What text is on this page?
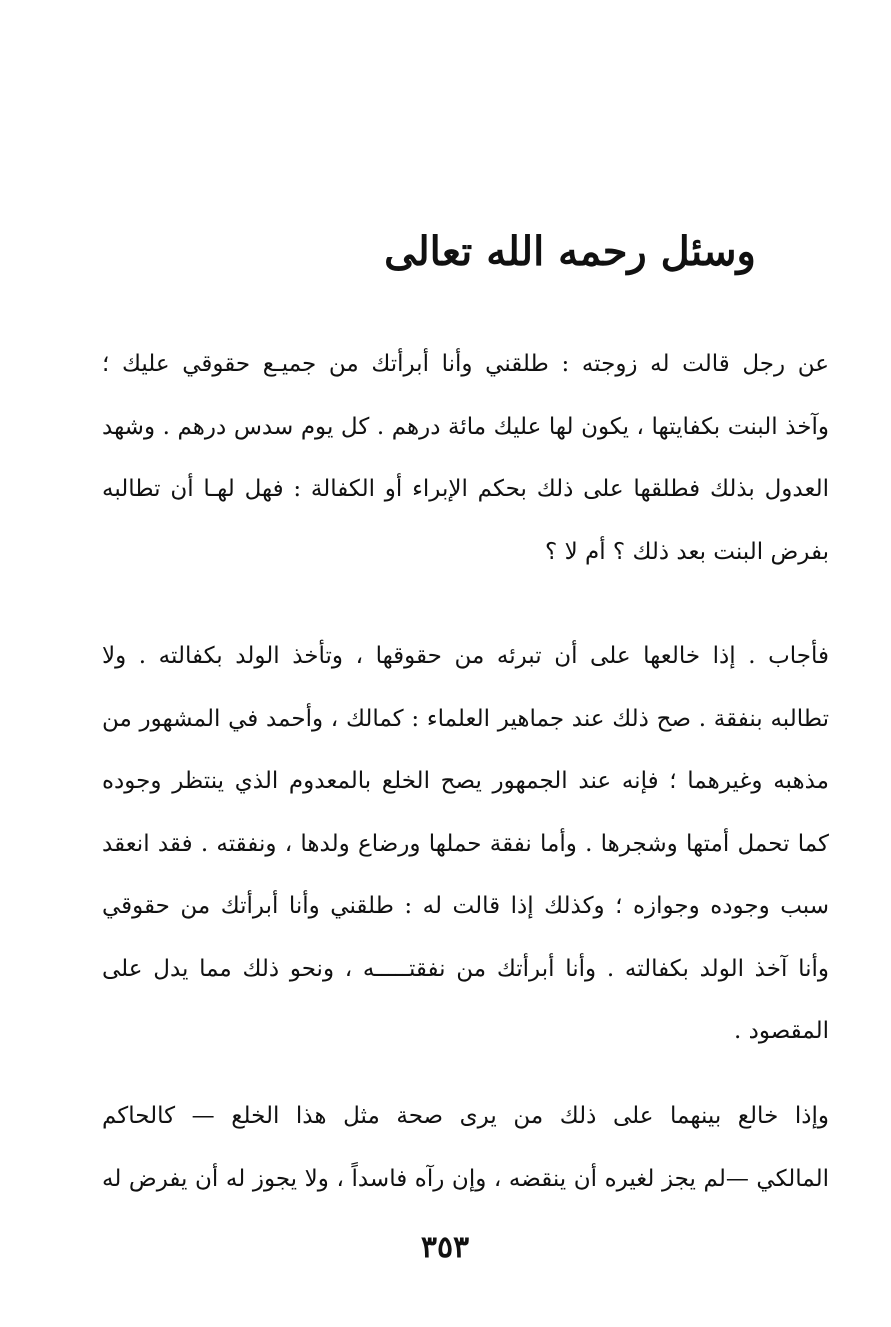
وسئل رحمه الله تعالى
عن رجل قالت له زوجته : طلقني وأنا أبرأتك من جميـع حقوقي عليك ؛
وآخذ البنت بكفايتها ، يكون لها عليك مائة درهم . كل يوم سدس درهم . وشهد
العدول بذلك فطلقها على ذلك بحكم الإبراء أو الكفالة : فهل لهـا أن تطالبه
بفرض البنت بعد ذلك ؟ أم لا ؟
فأجاب . إذا خالعها على أن تبرئه من حقوقها ، وتأخذ الولد بكفالته . ولا
تطالبه بنفقة . صح ذلك عند جماهير العلماء : كمالك ، وأحمد في المشهور من
مذهبه وغيرهما ؛ فإنه عند الجمهور يصح الخلع بالمعدوم الذي ينتظر وجوده
كما تحمل أمتها وشجرها . وأما نفقة حملها ورضاع ولدها ، ونفقته . فقد انعقد
سبب وجوده وجوازه ؛ وكذلك إذا قالت له : طلقني وأنا أبرأتك من حقوقي
وأنا آخذ الولد بكفالته . وأنا أبرأتك من نفقتـــــه ، ونحو ذلك مما يدل على
المقصود .
وإذا خالع بينهما على ذلك من يرى صحة مثل هذا الخلع — كالحاكم
المالكي —لم يجز لغيره أن ينقضه ، وإن رآه فاسداً ، ولا يجوز له أن يفرض له
٣٥٣
